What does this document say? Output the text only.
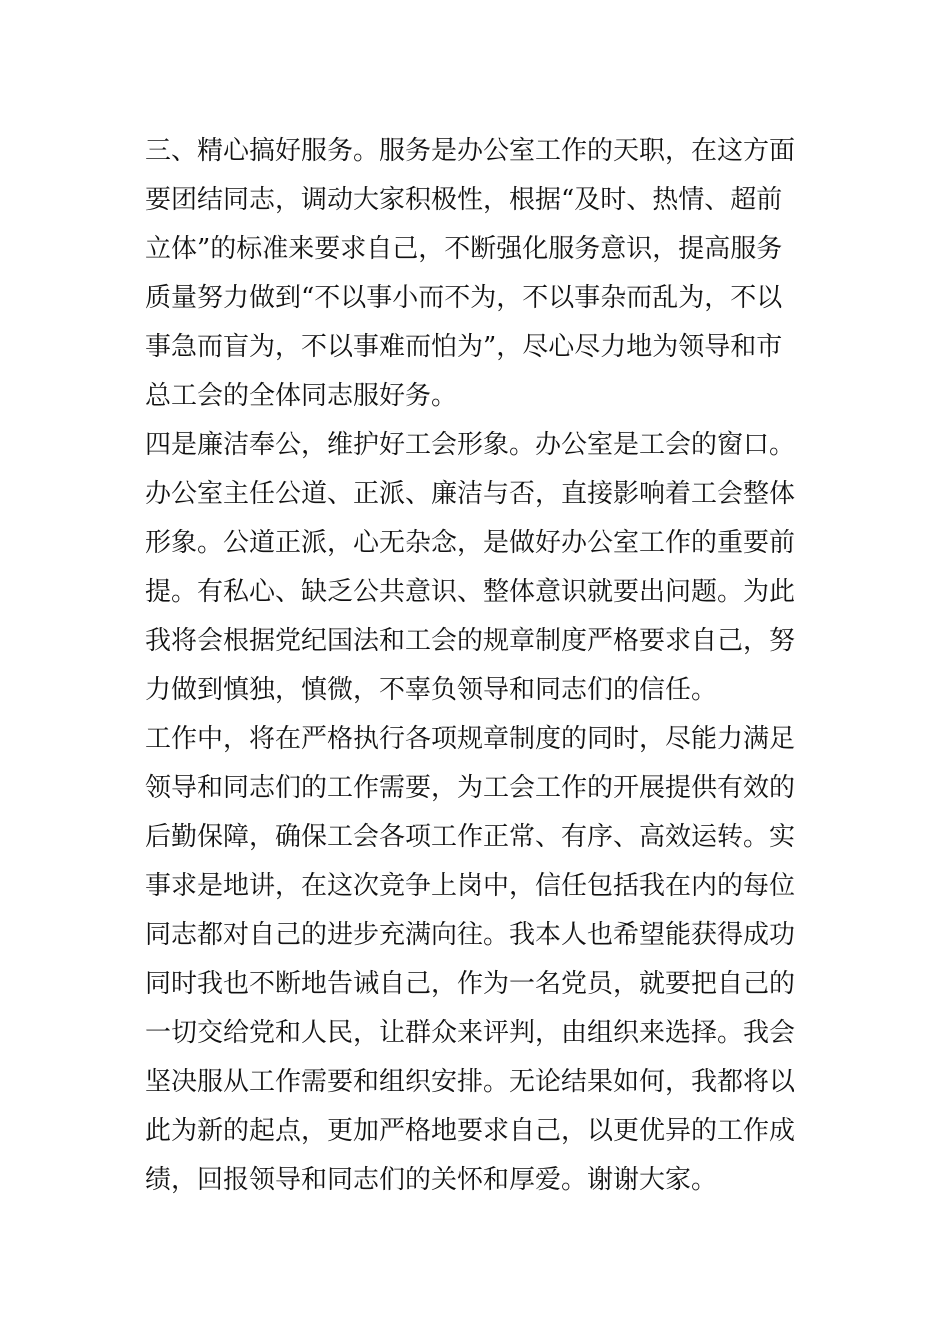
三、精心搞好服务。服务是办公室工作的天职，在这方面
要团结同志，调动大家积极性，根据“及时、热情、超前
立体”的标准来要求自己，不断强化服务意识，提高服务
质量努力做到“不以事小而不为，不以事杂而乱为，不以
事急而盲为，不以事难而怕为”，尽心尽力地为领导和市
总工会的全体同志服好务。
四是廉洁奉公，维护好工会形象。办公室是工会的窗口。
办公室主任公道、正派、廉洁与否，直接影响着工会整体
形象。公道正派，心无杂念，是做好办公室工作的重要前
提。有私心、缺乏公共意识、整体意识就要出问题。为此
我将会根据党纪国法和工会的规章制度严格要求自己，努
力做到慎独，慎微，不辜负领导和同志们的信任。
工作中，将在严格执行各项规章制度的同时，尽能力满足
领导和同志们的工作需要，为工会工作的开展提供有效的
后勤保障，确保工会各项工作正常、有序、高效运转。实
事求是地讲，在这次竞争上岗中，信任包括我在内的每位
同志都对自己的进步充满向往。我本人也希望能获得成功
同时我也不断地告诫自己，作为一名党员，就要把自己的
一切交给党和人民，让群众来评判，由组织来选择。我会
坚决服从工作需要和组织安排。无论结果如何，我都将以
此为新的起点，更加严格地要求自己，以更优异的工作成
绩，回报领导和同志们的关怀和厚爱。谢谢大家。
